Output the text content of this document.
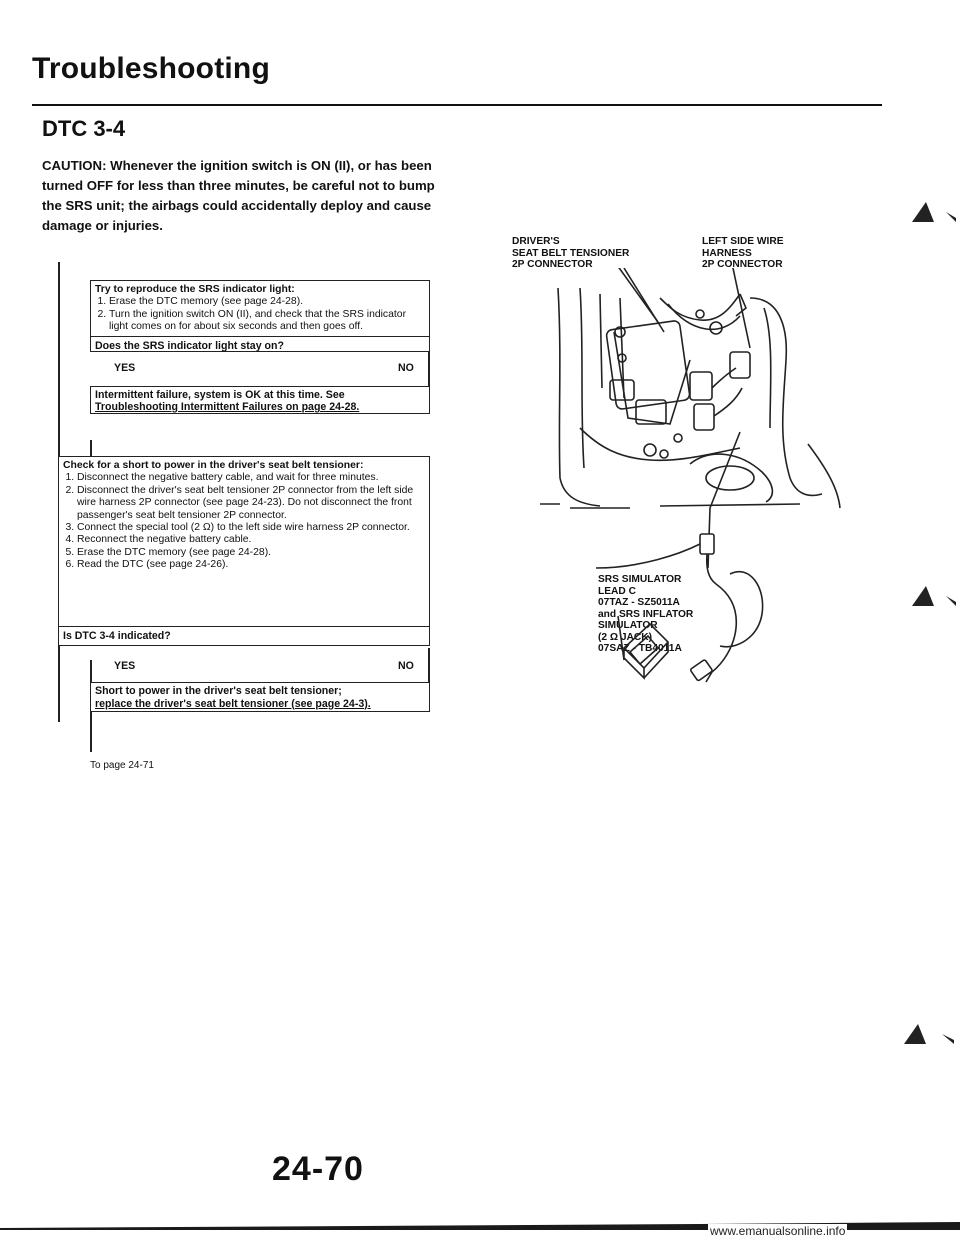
Troubleshooting
DTC 3-4
CAUTION: Whenever the ignition switch is ON (II), or has been turned OFF for less than three minutes, be careful not to bump the SRS unit; the airbags could accidentally deploy and cause damage or injuries.
Try to reproduce the SRS indicator light:
1. Erase the DTC memory (see page 24-28).
2. Turn the ignition switch ON (II), and check that the SRS indicator light comes on for about six seconds and then goes off.
Does the SRS indicator light stay on?
YES	NO
Intermittent failure, system is OK at this time. See
Troubleshooting Intermittent Failures on page 24-28.
Check for a short to power in the driver's seat belt tensioner:
1. Disconnect the negative battery cable, and wait for three minutes.
2. Disconnect the driver's seat belt tensioner 2P connector from the left side wire harness 2P connector (see page 24-23). Do not disconnect the front passenger's seat belt tensioner 2P connector.
3. Connect the special tool (2 Ω) to the left side wire harness 2P connector.
4. Reconnect the negative battery cable.
5. Erase the DTC memory (see page 24-28).
6. Read the DTC (see page 24-26).
Is DTC 3-4 indicated?
YES	NO
Short to power in the driver's seat belt tensioner;
replace the driver's seat belt tensioner (see page 24-3).
To page 24-71
DRIVER'S
SEAT BELT TENSIONER
2P CONNECTOR
LEFT SIDE WIRE
HARNESS
2P CONNECTOR
SRS SIMULATOR
LEAD C
07TAZ - SZ5011A
and SRS INFLATOR
SIMULATOR
(2 Ω JACK)
07SAZ - TB4011A
24-70
www.emanualsonline.info
